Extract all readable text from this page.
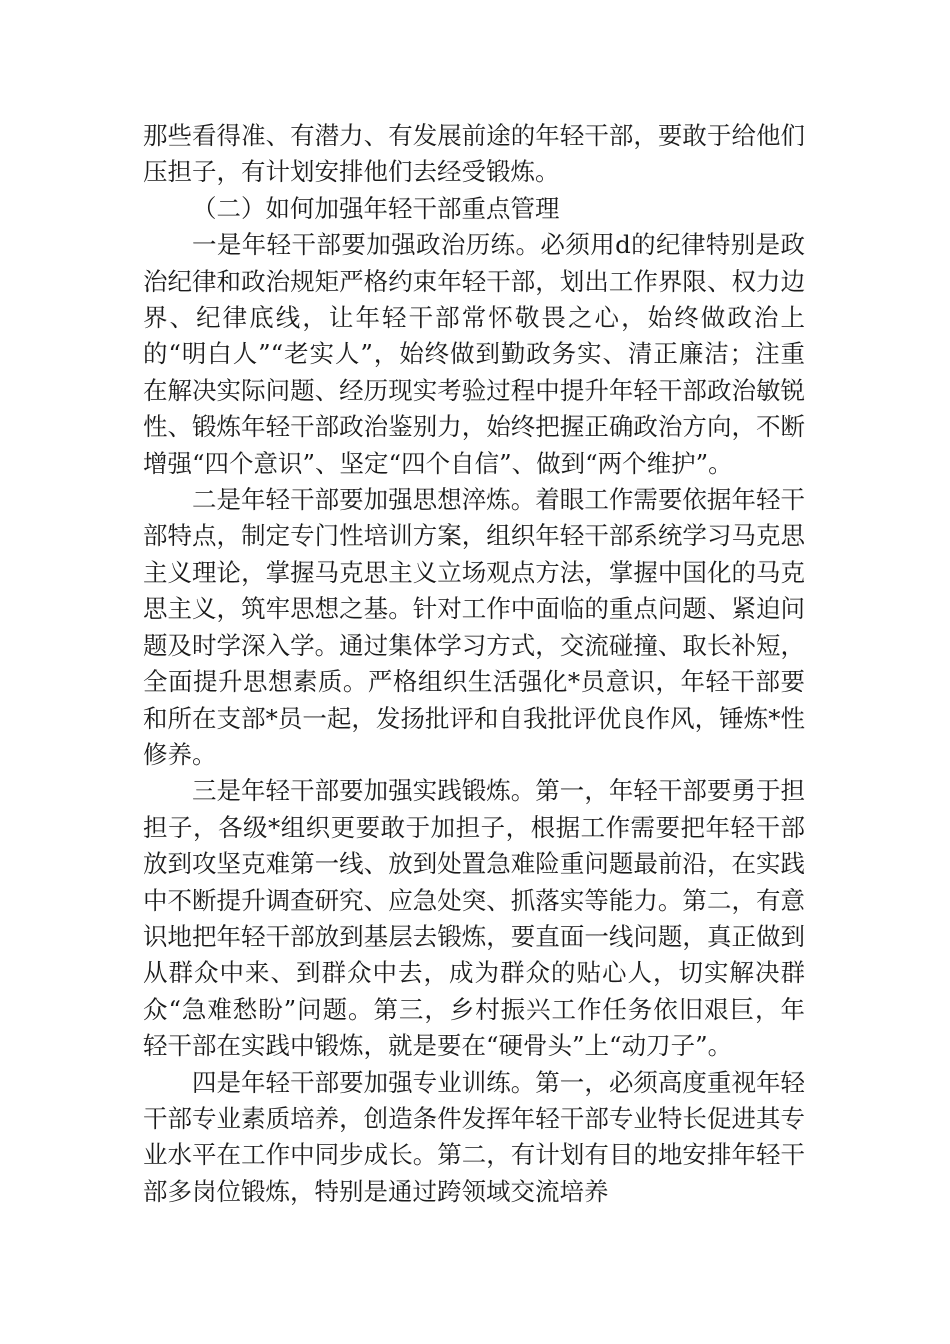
那些看得准、有潜力、有发展前途的年轻干部，要敢于给他们压担子，有计划安排他们去经受锻炼。

（二）如何加强年轻干部重点管理

一是年轻干部要加强政治历练。必须用d的纪律特别是政治纪律和政治规矩严格约束年轻干部，划出工作界限、权力边界、纪律底线，让年轻干部常怀敬畏之心，始终做政治上的“明白人”“老实人”，始终做到勤政务实、清正廉洁；注重在解决实际问题、经历现实考验过程中提升年轻干部政治敏锐性、锻炼年轻干部政治鉴别力，始终把握正确政治方向，不断增强“四个意识”、坚定“四个自信”、做到“两个维护”。

二是年轻干部要加强思想淬炼。着眼工作需要依据年轻干部特点，制定专门性培训方案，组织年轻干部系统学习马克思主义理论，掌握马克思主义立场观点方法，掌握中国化的马克思主义，筑牢思想之基。针对工作中面临的重点问题、紧迫问题及时学深入学。通过集体学习方式，交流碰撞、取长补短，全面提升思想素质。严格组织生活强化*员意识，年轻干部要和所在支部*员一起，发扬批评和自我批评优良作风，锤炼*性修养。

三是年轻干部要加强实践锻炼。第一，年轻干部要勇于担担子，各级*组织更要敢于加担子，根据工作需要把年轻干部放到攻坚克难第一线、放到处置急难险重问题最前沿，在实践中不断提升调查研究、应急处突、抓落实等能力。第二，有意识地把年轻干部放到基层去锻炼，要直面一线问题，真正做到从群众中来、到群众中去，成为群众的贴心人，切实解决群众“急难愁盼”问题。第三，乡村振兴工作任务依旧艰巨，年轻干部在实践中锻炼，就是要在“硬骨头”上“动刀子”。

四是年轻干部要加强专业训练。第一，必须高度重视年轻干部专业素质培养，创造条件发挥年轻干部专业特长促进其专业水平在工作中同步成长。第二，有计划有目的地安排年轻干部多岗位锻炼，特别是通过跨领域交流培养
